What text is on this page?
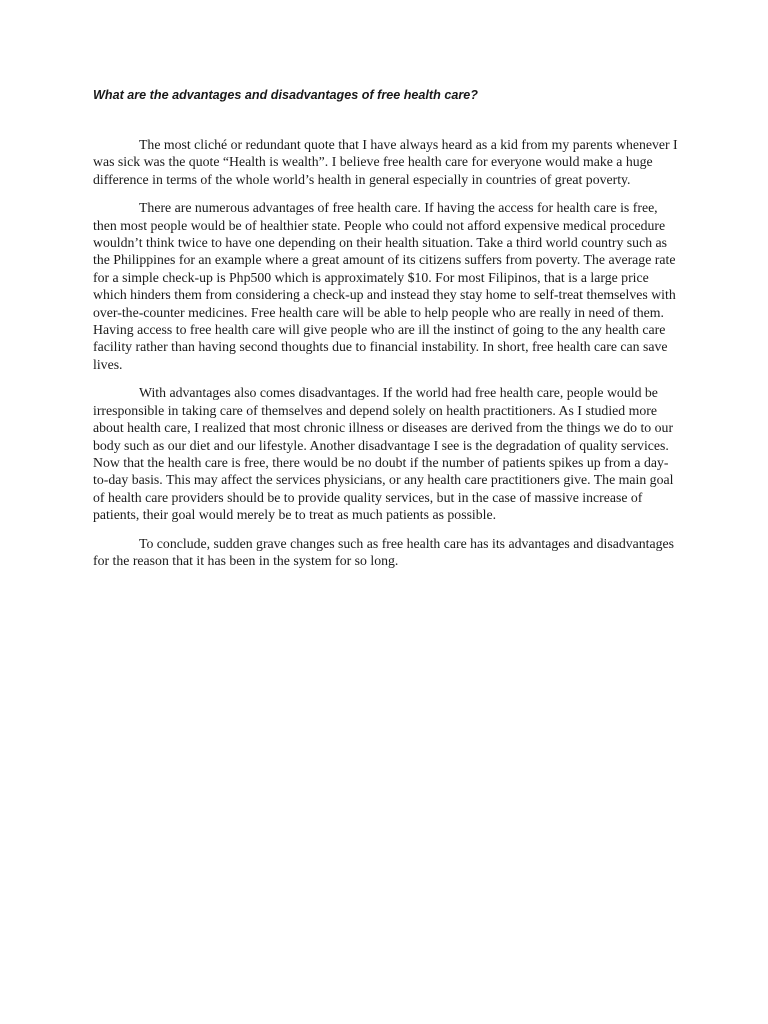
What are the advantages and disadvantages of free health care?

The most cliché or redundant quote that I have always heard as a kid from my parents whenever I was sick was the quote “Health is wealth”. I believe free health care for everyone would make a huge difference in terms of the whole world’s health in general especially in countries of great poverty.

There are numerous advantages of free health care. If having the access for health care is free, then most people would be of healthier state. People who could not afford expensive medical procedure wouldn’t think twice to have one depending on their health situation. Take a third world country such as the Philippines for an example where a great amount of its citizens suffers from poverty. The average rate for a simple check-up is Php500 which is approximately $10. For most Filipinos, that is a large price which hinders them from considering a check-up and instead they stay home to self-treat themselves with over-the-counter medicines. Free health care will be able to help people who are really in need of them. Having access to free health care will give people who are ill the instinct of going to the any health care facility rather than having second thoughts due to financial instability. In short, free health care can save lives.

With advantages also comes disadvantages. If the world had free health care, people would be irresponsible in taking care of themselves and depend solely on health practitioners. As I studied more about health care, I realized that most chronic illness or diseases are derived from the things we do to our body such as our diet and our lifestyle. Another disadvantage I see is the degradation of quality services. Now that the health care is free, there would be no doubt if the number of patients spikes up from a day-to-day basis. This may affect the services physicians, or any health care practitioners give. The main goal of health care providers should be to provide quality services, but in the case of massive increase of patients, their goal would merely be to treat as much patients as possible.

To conclude, sudden grave changes such as free health care has its advantages and disadvantages for the reason that it has been in the system for so long.
